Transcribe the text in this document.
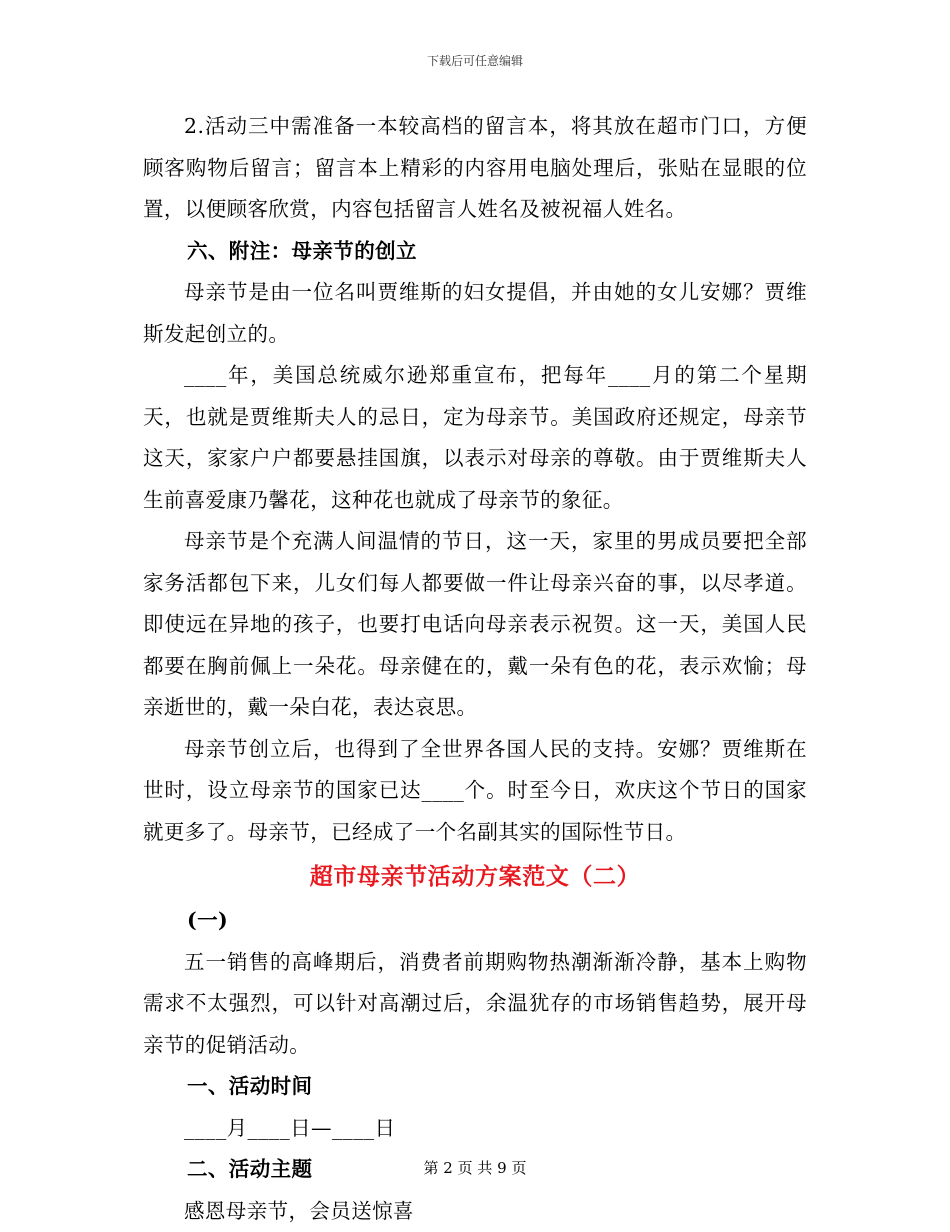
下载后可任意编辑

2.活动三中需准备一本较高档的留言本，将其放在超市门口，方便顾客购物后留言；留言本上精彩的内容用电脑处理后，张贴在显眼的位置，以便顾客欣赏，内容包括留言人姓名及被祝福人姓名。

六、附注：母亲节的创立

母亲节是由一位名叫贾维斯的妇女提倡，并由她的女儿安娜？贾维斯发起创立的。

____年，美国总统威尔逊郑重宣布，把每年____月的第二个星期天，也就是贾维斯夫人的忌日，定为母亲节。美国政府还规定，母亲节这天，家家户户都要悬挂国旗，以表示对母亲的尊敬。由于贾维斯夫人生前喜爱康乃馨花，这种花也就成了母亲节的象征。

母亲节是个充满人间温情的节日，这一天，家里的男成员要把全部家务活都包下来，儿女们每人都要做一件让母亲兴奋的事，以尽孝道。即使远在异地的孩子，也要打电话向母亲表示祝贺。这一天，美国人民都要在胸前佩上一朵花。母亲健在的，戴一朵有色的花，表示欢愉；母亲逝世的，戴一朵白花，表达哀思。

母亲节创立后，也得到了全世界各国人民的支持。安娜？贾维斯在世时，设立母亲节的国家已达____个。时至今日，欢庆这个节日的国家就更多了。母亲节，已经成了一个名副其实的国际性节日。

超市母亲节活动方案范文（二）

(一)

五一销售的高峰期后，消费者前期购物热潮渐渐冷静，基本上购物需求不太强烈，可以针对高潮过后，余温犹存的市场销售趋势，展开母亲节的促销活动。

一、活动时间

____月____日—____日

二、活动主题

感恩母亲节，会员送惊喜

第 2 页 共 9 页
